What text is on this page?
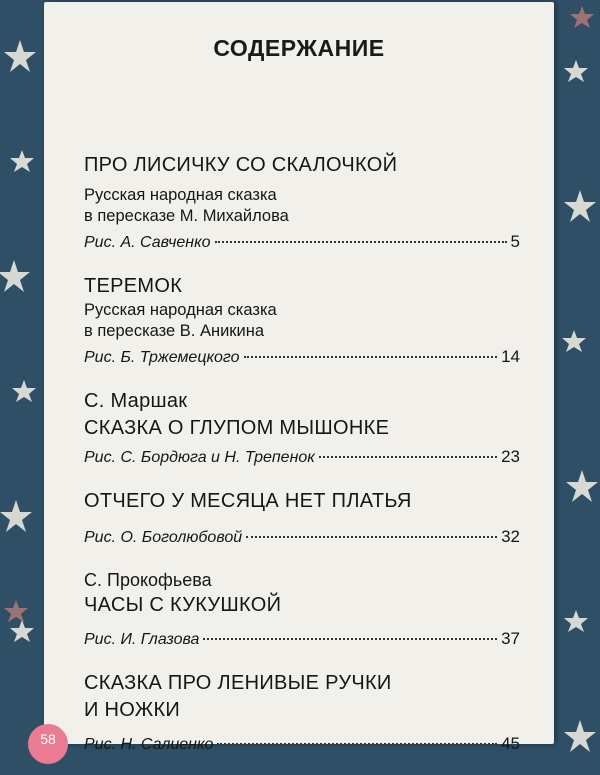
СОДЕРЖАНИЕ
ПРО ЛИСИЧКУ СО СКАЛОЧКОЙ
Русская народная сказка
в пересказе М. Михайлова
Рис. А. Савченко	5
ТЕРЕМОК
Русская народная сказка
в пересказе В. Аникина
Рис. Б. Тржемецкого	14
С. Маршак
СКАЗКА О ГЛУПОМ МЫШОНКЕ
Рис. С. Бордюга и Н. Трепенок	23
ОТЧЕГО У МЕСЯЦА НЕТ ПЛАТЬЯ
Рис. О. Боголюбовой	32
С. Прокофьева
ЧАСЫ С КУКУШКОЙ
Рис. И. Глазова	37
СКАЗКА ПРО ЛЕНИВЫЕ РУЧКИ
И НОЖКИ
Рис. Н. Салиенко	45
58
